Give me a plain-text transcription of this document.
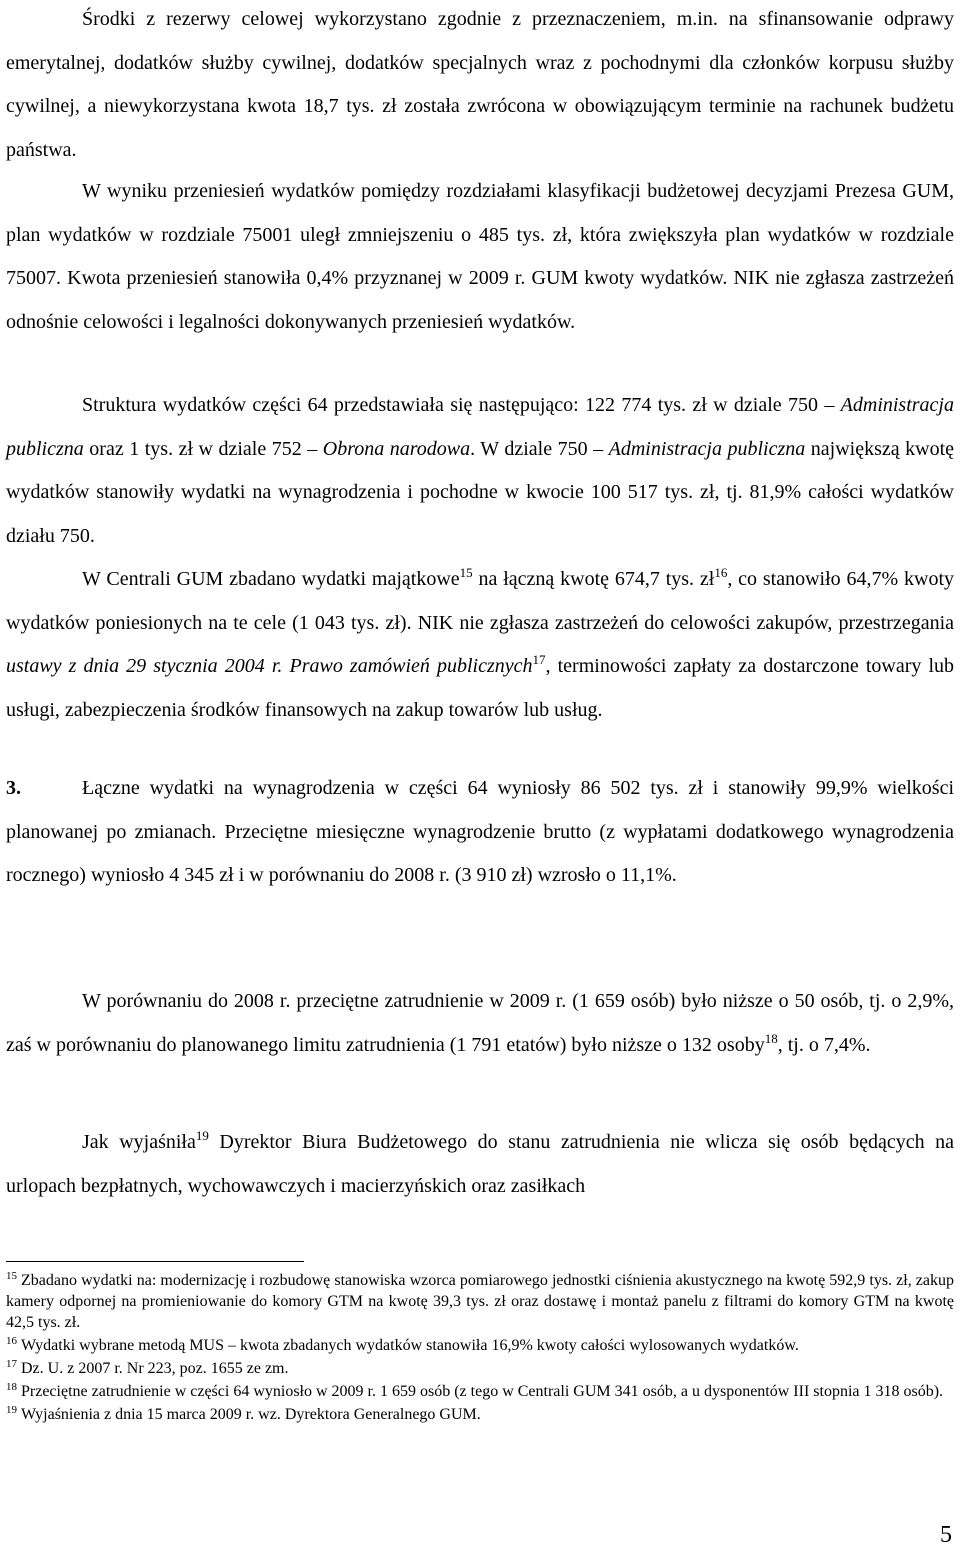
Środki z rezerwy celowej wykorzystano zgodnie z przeznaczeniem, m.in. na sfinansowanie odprawy emerytalnej, dodatków służby cywilnej, dodatków specjalnych wraz z pochodnymi dla członków korpusu służby cywilnej, a niewykorzystana kwota 18,7 tys. zł została zwrócona w obowiązującym terminie na rachunek budżetu państwa.

W wyniku przeniesień wydatków pomiędzy rozdziałami klasyfikacji budżetowej decyzjami Prezesa GUM, plan wydatków w rozdziale 75001 uległ zmniejszeniu o 485 tys. zł, która zwiększyła plan wydatków w rozdziale 75007. Kwota przeniesień stanowiła 0,4% przyznanej w 2009 r. GUM kwoty wydatków. NIK nie zgłasza zastrzeżeń odnośnie celowości i legalności dokonywanych przeniesień wydatków.

Struktura wydatków części 64 przedstawiała się następująco: 122 774 tys. zł w dziale 750 – Administracja publiczna oraz 1 tys. zł w dziale 752 – Obrona narodowa. W dziale 750 – Administracja publiczna największą kwotę wydatków stanowiły wydatki na wynagrodzenia i pochodne w kwocie 100 517 tys. zł, tj. 81,9% całości wydatków działu 750.

W Centrali GUM zbadano wydatki majątkowe$^{15}$ na łączną kwotę 674,7 tys. $zł^{16}$, co stanowiło 64,7% kwoty wydatków poniesionych na te cele (1 043 tys. zł). NIK nie zgłasza zastrzeżeń do celowości zakupów, przestrzegania ustawy z dnia 29 stycznia 2004 r. Prawo zamówień publicznych$^{17}$, terminowości zapłaty za dostarczone towary lub usługi, zabezpieczenia środków finansowych na zakup towarów lub usług.

3.	Łączne wydatki na wynagrodzenia w części 64 wyniosły 86 502 tys. zł i stanowiły 99,9% wielkości planowanej po zmianach. Przeciętne miesięczne wynagrodzenie brutto (z wypłatami dodatkowego wynagrodzenia rocznego) wyniosło 4 345 zł i w porównaniu do 2008 r. (3 910 zł) wzrosło o 11,1%.

W porównaniu do 2008 r. przeciętne zatrudnienie w 2009 r. (1 659 osób) było niższe o 50 osób, tj. o 2,9%, zaś w porównaniu do planowanego limitu zatrudnienia (1 791 etatów) było niższe o 132 osoby$^{18}$, tj. o 7,4%.

Jak wyjaśniła$^{19}$ Dyrektor Biura Budżetowego do stanu zatrudnienia nie wlicza się osób będących na urlopach bezpłatnych, wychowawczych i macierzyńskich oraz zasiłkach

$^{15}$ Zbadano wydatki na: modernizację i rozbudowę stanowiska wzorca pomiarowego jednostki ciśnienia akustycznego na kwotę 592,9 tys. zł, zakup kamery odpornej na promieniowanie do komory GTM na kwotę 39,3 tys. zł oraz dostawę i montaż panelu z filtrami do komory GTM na kwotę 42,5 tys. zł.

$^{16}$ Wydatki wybrane metodą MUS – kwota zbadanych wydatków stanowiła 16,9% kwoty całości wylosowanych wydatków.

$^{17}$ Dz. U. z 2007 r. Nr 223, poz. 1655 ze zm.

$^{18}$ Przeciętne zatrudnienie w części 64 wyniosło w 2009 r. 1 659 osób (z tego w Centrali GUM 341 osób, a u dysponentów III stopnia 1 318 osób).

$^{19}$ Wyjaśnienia z dnia 15 marca 2009 r. wz. Dyrektora Generalnego GUM.

5
